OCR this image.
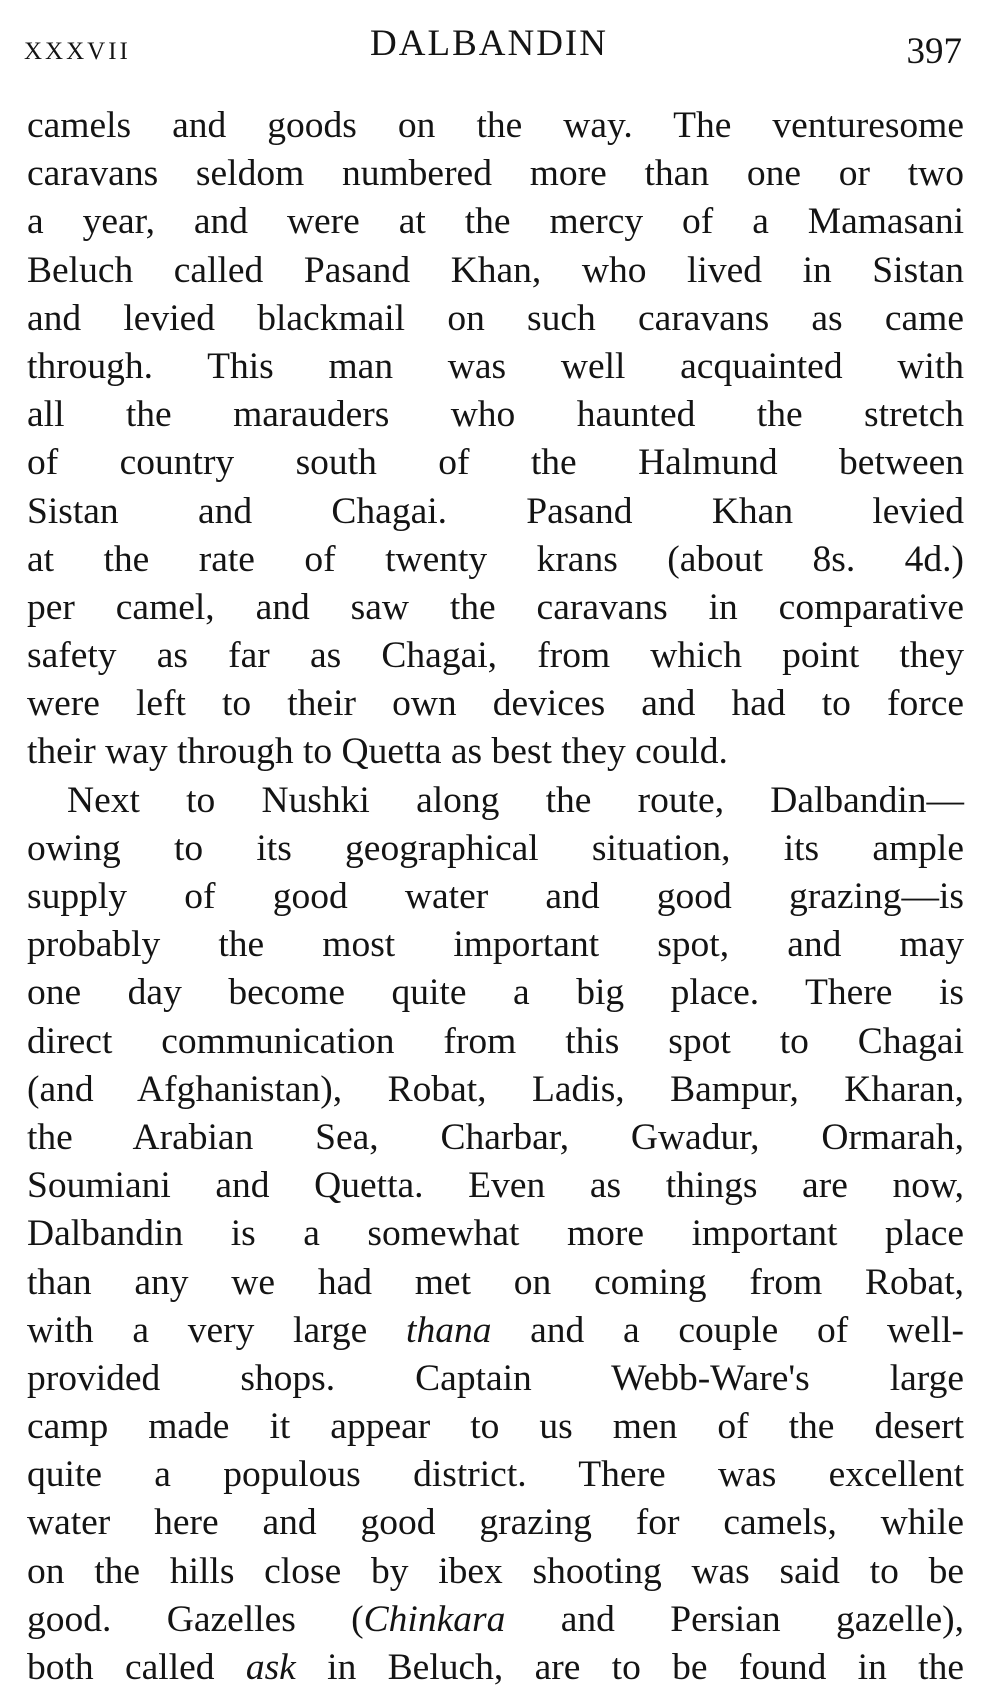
XXXVII	DALBANDIN	397
camels and goods on the way. The venturesome
caravans seldom numbered more than one or two
a year, and were at the mercy of a Mamasani
Beluch called Pasand Khan, who lived in Sistan
and levied blackmail on such caravans as came
through. This man was well acquainted with
all the marauders who haunted the stretch
of country south of the Halmund between
Sistan and Chagai. Pasand Khan levied
at the rate of twenty krans (about 8s. 4d.)
per camel, and saw the caravans in comparative
safety as far as Chagai, from which point they
were left to their own devices and had to force
their way through to Quetta as best they could.
Next to Nushki along the route, Dalbandin—
owing to its geographical situation, its ample
supply of good water and good grazing—is
probably the most important spot, and may
one day become quite a big place. There is
direct communication from this spot to Chagai
(and Afghanistan), Robat, Ladis, Bampur, Kharan,
the Arabian Sea, Charbar, Gwadur, Ormarah,
Soumiani and Quetta. Even as things are now,
Dalbandin is a somewhat more important place
than any we had met on coming from Robat,
with a very large thana and a couple of well-
provided shops. Captain Webb-Ware's large
camp made it appear to us men of the desert
quite a populous district. There was excellent
water here and good grazing for camels, while
on the hills close by ibex shooting was said to be
good. Gazelles (Chinkara and Persian gazelle),
both called ask in Beluch, are to be found in the
